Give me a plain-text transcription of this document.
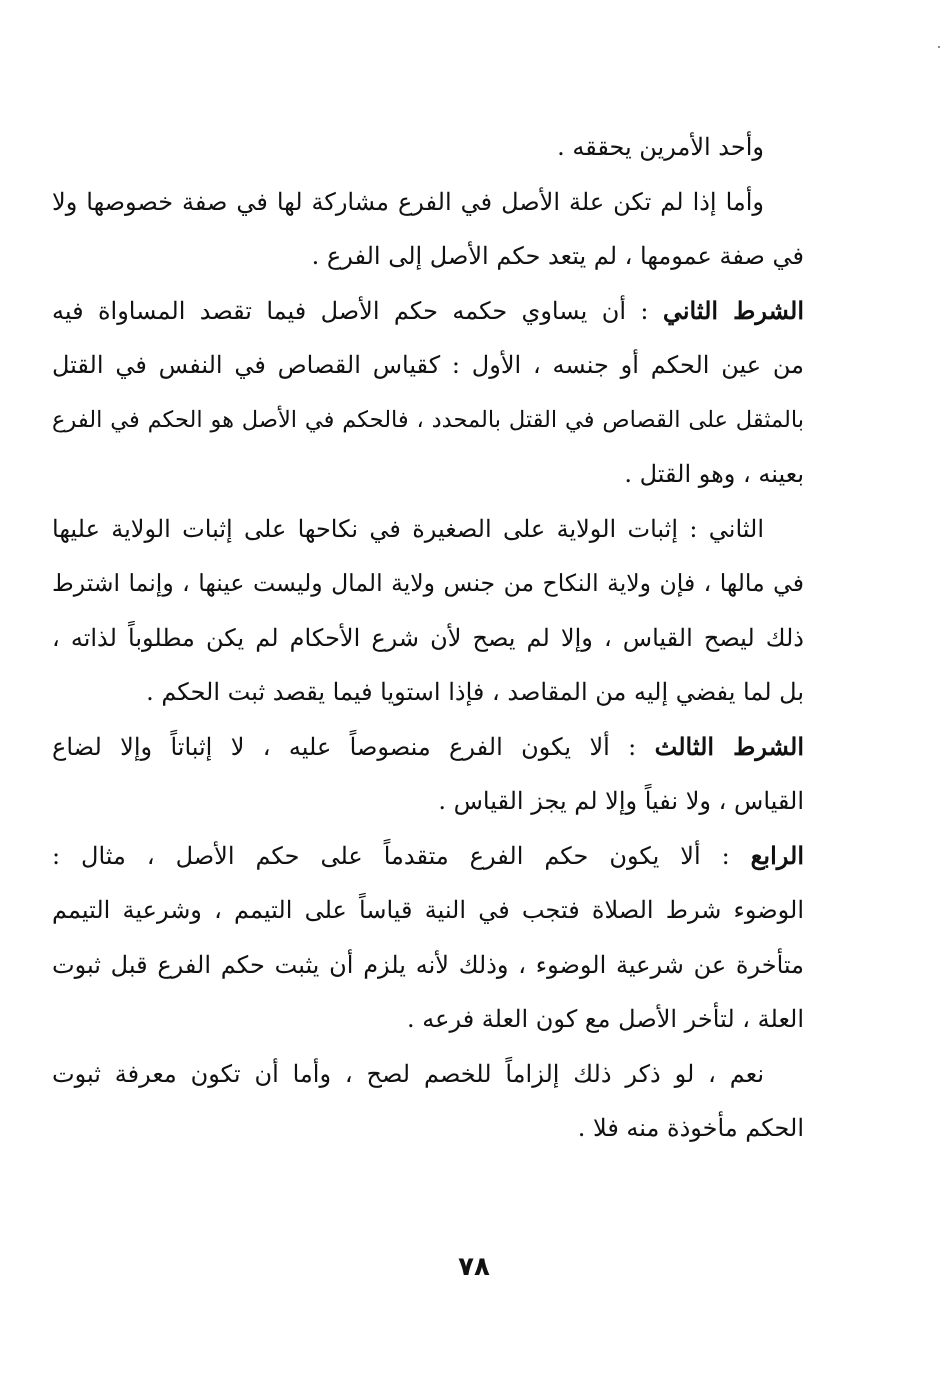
وأحد الأمرين يحققه .
وأما إذا لم تكن علة الأصل في الفرع مشاركة لها في صفة خصوصها ولا
في صفة عمومها ، لم يتعد حكم الأصل إلى الفرع .
الشرط الثاني : أن يساوي حكمه حكم الأصل فيما تقصد المساواة فيه
من عين الحكم أو جنسه ، الأول : كقياس القصاص في النفس في القتل
بالمثقل على القصاص في القتل بالمحدد ، فالحكم في الأصل هو الحكم في الفرع
بعينه ، وهو القتل .
الثاني : إثبات الولاية على الصغيرة في نكاحها على إثبات الولاية عليها
في مالها ، فإن ولاية النكاح من جنس ولاية المال وليست عينها ، وإنما اشترط
ذلك ليصح القياس ، وإلا لم يصح لأن شرع الأحكام لم يكن مطلوباً لذاته ،
بل لما يفضي إليه من المقاصد ، فإذا استويا فيما يقصد ثبت الحكم .
الشرط الثالث : ألا يكون الفرع منصوصاً عليه ، لا إثباتاً وإلا لضاع
القياس ، ولا نفياً وإلا لم يجز القياس .
الرابع : ألا يكون حكم الفرع متقدماً على حكم الأصل ، مثال :
الوضوء شرط الصلاة فتجب في النية قياساً على التيمم ، وشرعية التيمم
متأخرة عن شرعية الوضوء ، وذلك لأنه يلزم أن يثبت حكم الفرع قبل ثبوت
العلة ، لتأخر الأصل مع كون العلة فرعه .
نعم ، لو ذكر ذلك إلزاماً للخصم لصح ، وأما أن تكون معرفة ثبوت
الحكم مأخوذة منه فلا .
٧٨
